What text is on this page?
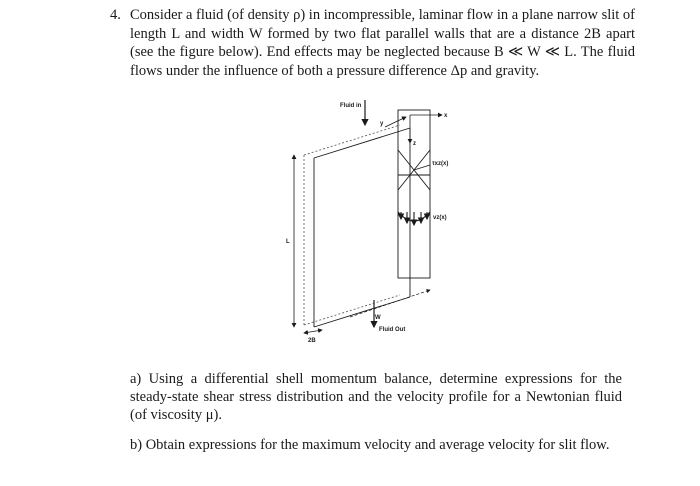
4. Consider a fluid (of density ρ) in incompressible, laminar flow in a plane narrow slit of length L and width W formed by two flat parallel walls that are a distance 2B apart (see the figure below). End effects may be neglected because B ≪ W ≪ L. The fluid flows under the influence of both a pressure difference Δp and gravity.
Fluid in
Fluid Out
L
W
2B
x
y
z
τxz(x)
vz(x)

a) Using a differential shell momentum balance, determine expressions for the steady-state shear stress distribution and the velocity profile for a Newtonian fluid (of viscosity μ).

b) Obtain expressions for the maximum velocity and average velocity for slit flow.
